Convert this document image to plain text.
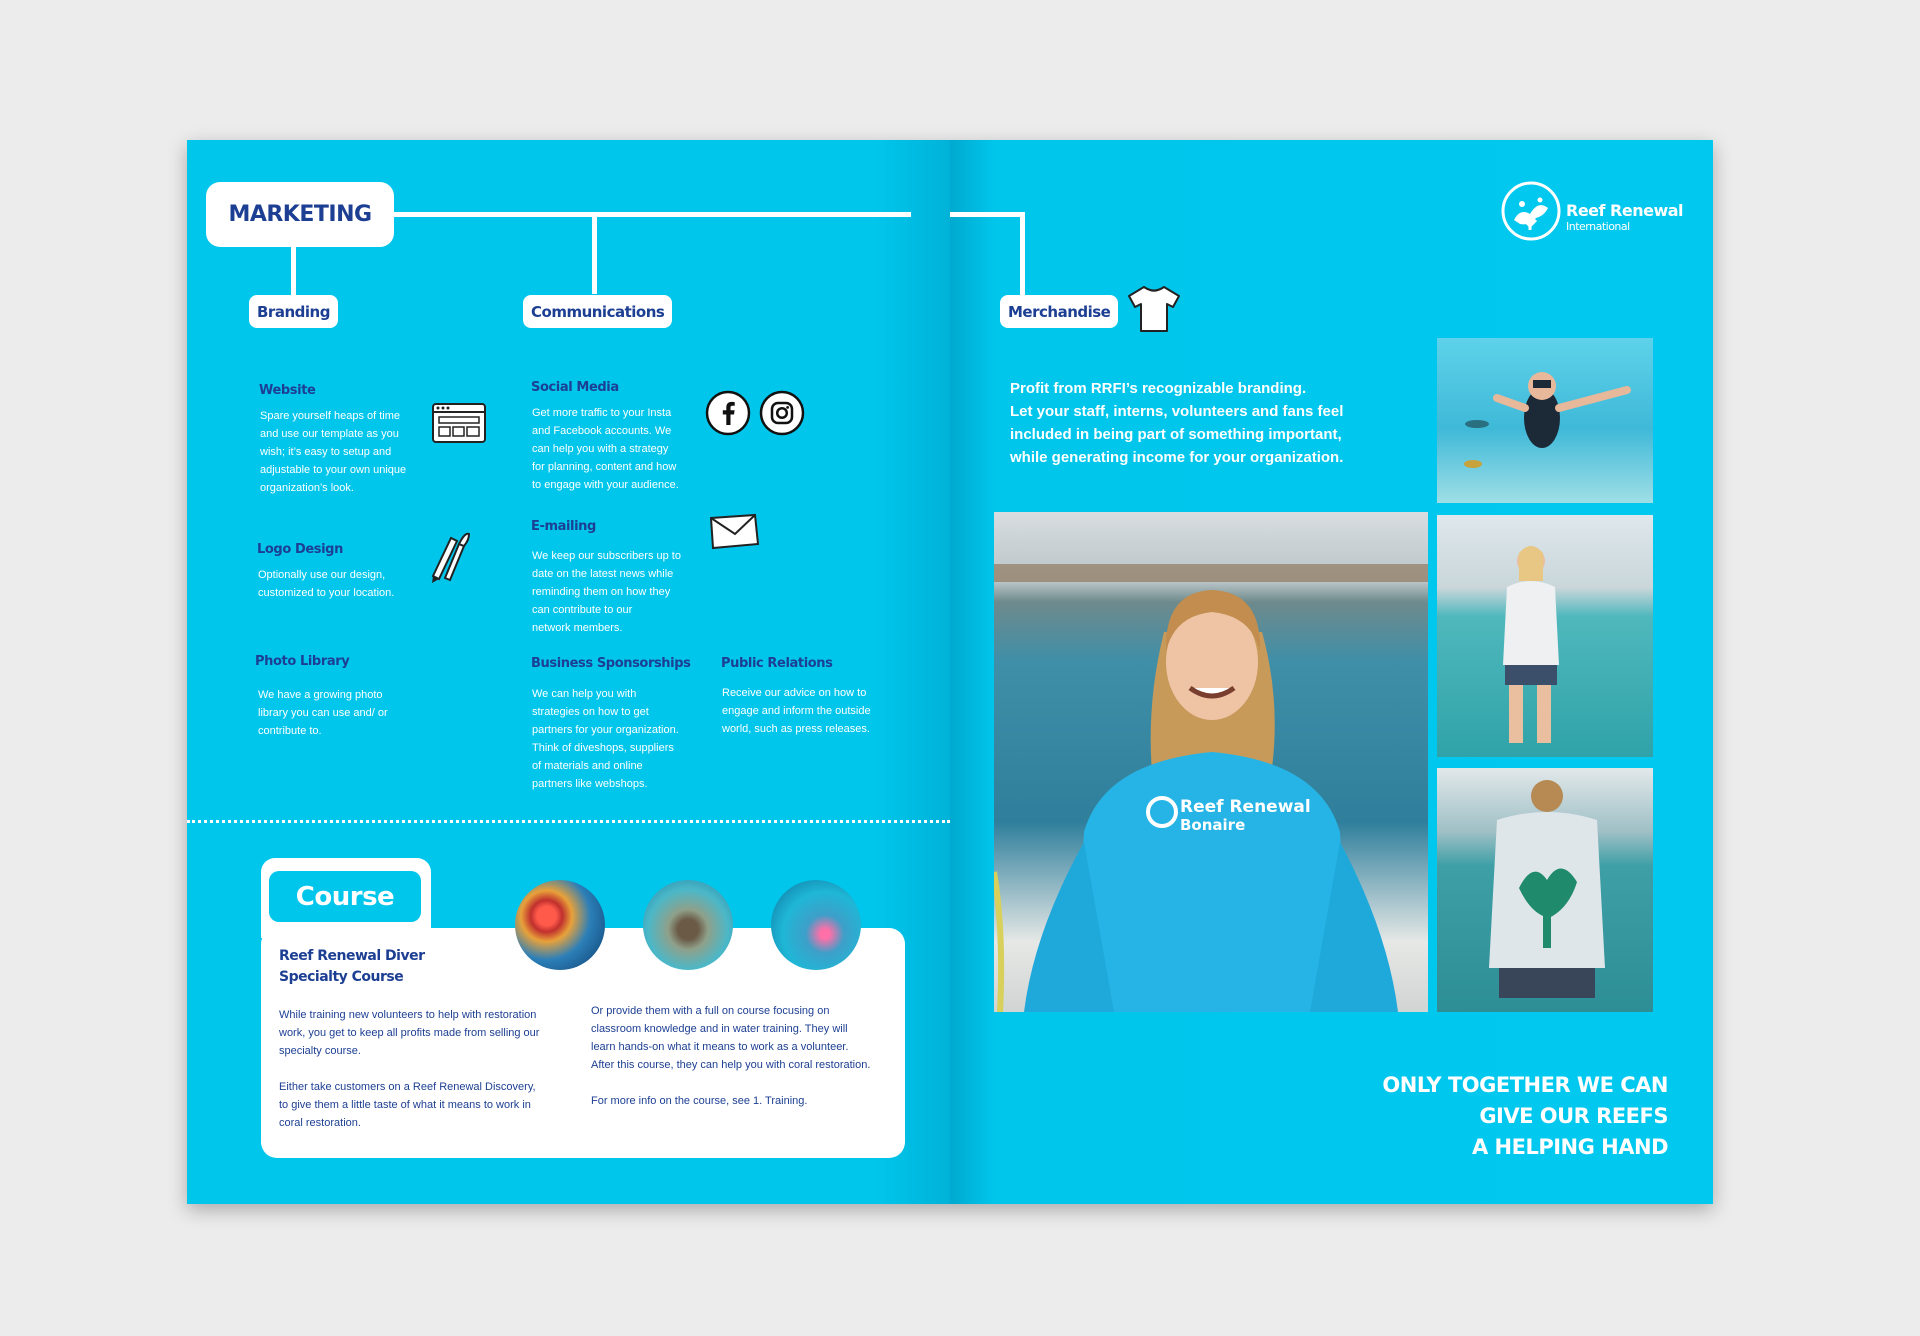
MARKETING
Branding	Communications
Website
Spare yourself heaps of time
and use our template as you
wish; it’s easy to setup and
adjustable to your own unique
organization’s look.
Logo Design
Optionally use our design,
customized to your location.
Photo Library
We have a growing photo
library you can use and/ or
contribute to.
Social Media
Get more traffic to your Insta
and Facebook accounts. We
can help you with a strategy
for planning, content and how
to engage with your audience.
E-mailing
We keep our subscribers up to
date on the latest news while
reminding them on how they
can contribute to our
network members.
Business Sponsorships
We can help you with
strategies on how to get
partners for your organization.
Think of diveshops, suppliers
of materials and online
partners like webshops.
Public Relations
Receive our advice on how to
engage and inform the outside
world, such as press releases.
Course
Reef Renewal Diver
Specialty Course
While training new volunteers to help with restoration
work, you get to keep all profits made from selling our
specialty course.
Either take customers on a Reef Renewal Discovery,
to give them a little taste of what it means to work in
coral restoration.
Or provide them with a full on course focusing on
classroom knowledge and in water training. They will
learn hands-on what it means to work as a volunteer.
After this course, they can help you with coral restoration.
For more info on the course, see 1. Training.
Merchandise
Reef Renewal
International
Profit from RRFI’s recognizable branding.
Let your staff, interns, volunteers and fans feel
included in being part of something important,
while generating income for your organization.
Reef Renewal
Bonaire
ONLY TOGETHER WE CAN
GIVE OUR REEFS
A HELPING HAND
